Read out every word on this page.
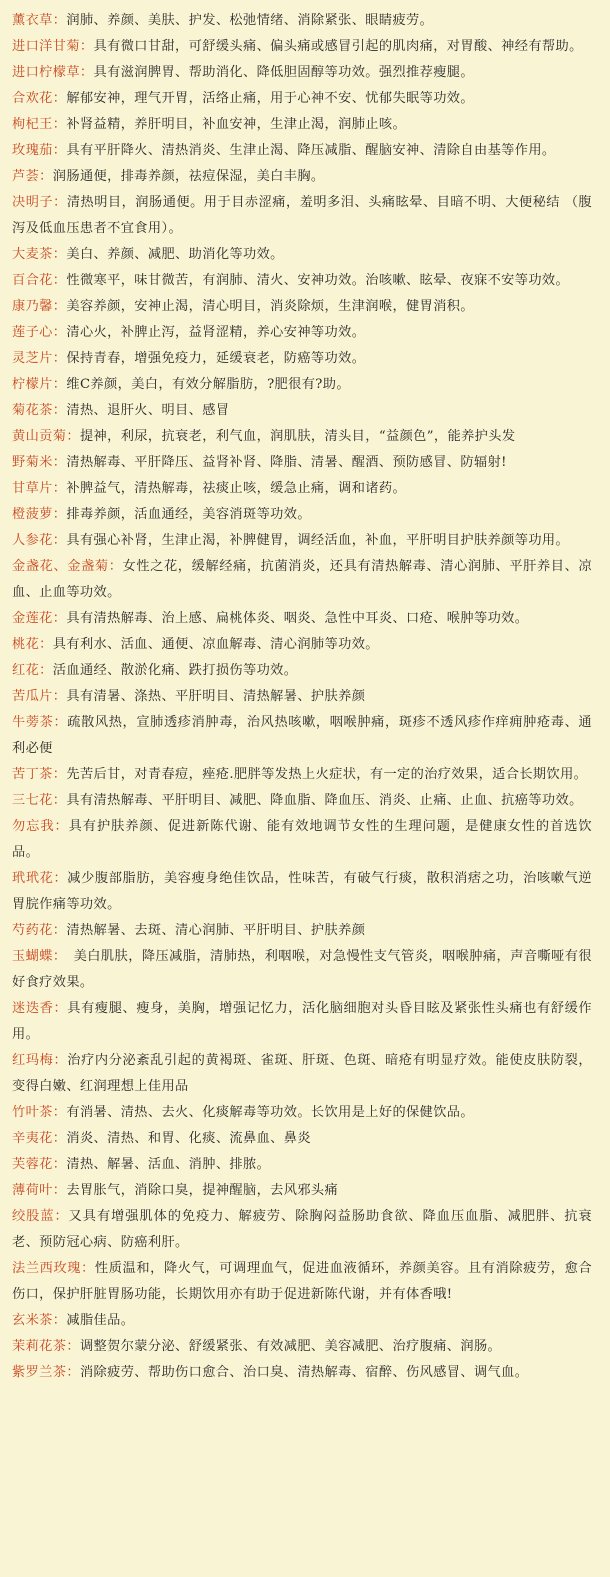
薰衣草：润肺、养颜、美肤、护发、松弛情绪、消除紧张、眼睛疲劳。

进口洋甘菊：具有微口甘甜，可舒缓头痛、偏头痛或感冒引起的肌肉痛，对胃酸、神经有帮助。

进口柠檬草：具有滋润脾胃、帮助消化、降低胆固醇等功效。强烈推荐瘦腿。

合欢花：解郁安神，理气开胃，活络止痛，用于心神不安、忧郁失眠等功效。

枸杞王：补肾益精，养肝明目，补血安神，生津止渴，润肺止咳。

玫瑰茄：具有平肝降火、清热消炎、生津止渴、降压减脂、醒脑安神、清除自由基等作用。

芦荟：润肠通便，排毒养颜，祛痘保湿，美白丰胸。

决明子：清热明目，润肠通便。用于目赤涩痛，羞明多泪、头痛眩晕、目暗不明、大便秘结 （腹泻及低血压患者不宜食用）。

大麦茶：美白、养颜、减肥、助消化等功效。

百合花：性微寒平，味甘微苦，有润肺、清火、安神功效。治咳嗽、眩晕、夜寐不安等功效。

康乃馨：美容养颜，安神止渴，清心明目，消炎除烦，生津润喉，健胃消积。

莲子心：清心火，补脾止泻，益肾涩精，养心安神等功效。

灵芝片：保持青春，增强免疫力，延缓衰老，防癌等功效。

柠檬片：维C养颜，美白，有效分解脂肪，?肥很有?助。

菊花茶：清热、退肝火、明目、感冒

黄山贡菊：提神，利尿，抗衰老，利气血，润肌肤，清头目，“益颜色”，能养护头发

野菊米：清热解毒、平肝降压、益肾补肾、降脂、清暑、醒酒、预防感冒、防辐射!

甘草片：补脾益气，清热解毒，祛痰止咳，缓急止痛，调和诸药。

橙菠萝：排毒养颜，活血通经，美容消斑等功效。

人参花：具有强心补肾，生津止渴，补脾健胃，调经活血，补血，平肝明目护肤养颜等功用。

金盏花、金盏菊：女性之花，缓解经痛，抗菌消炎，还具有清热解毒、清心润肺、平肝养目、凉血、止血等功效。

金莲花：具有清热解毒、治上感、扁桃体炎、咽炎、急性中耳炎、口疮、喉肿等功效。

桃花：具有利水、活血、通便、凉血解毒、清心润肺等功效。

红花：活血通经、散淤化痛、跌打损伤等功效。

苦瓜片：具有清暑、涤热、平肝明目、清热解暑、护肤养颜

牛蒡茶：疏散风热，宣肺透疹消肿毒，治风热咳嗽，咽喉肿痛，斑疹不透风疹作痒痈肿疮毒、通利必便

苦丁茶：先苦后甘，对青春痘，痤疮.肥胖等发热上火症状，有一定的治疗效果，适合长期饮用。

三七花：具有清热解毒、平肝明目、减肥、降血脂、降血压、消炎、止痛、止血、抗癌等功效。

勿忘我：具有护肤养颜、促进新陈代谢、能有效地调节女性的生理问题，是健康女性的首选饮品。

玳玳花：减少腹部脂肪，美容瘦身绝佳饮品，性味苦，有破气行痰，散积消痞之功，治咳嗽气逆胃脘作痛等功效。

芍药花：清热解暑、去斑、清心润肺、平肝明目、护肤养颜

玉蝴蝶：　美白肌肤，降压减脂，清肺热，利咽喉，对急慢性支气管炎，咽喉肿痛，声音嘶哑有很好食疗效果。

迷迭香：具有瘦腿、瘦身，美胸，增强记忆力，活化脑细胞对头昏目眩及紧张性头痛也有舒缓作用。

红玛梅：治疗内分泌紊乱引起的黄褐斑、雀斑、肝斑、色斑、暗疮有明显疗效。能使皮肤防裂，变得白嫩、红润理想上佳用品

竹叶茶：有消暑、清热、去火、化痰解毒等功效。长饮用是上好的保健饮品。

辛夷花：消炎、清热、和胃、化痰、流鼻血、鼻炎

芙蓉花：清热、解暑、活血、消肿、排脓。

薄荷叶：去胃胀气，消除口臭，提神醒脑，去风邪头痛

绞股蓝：又具有增强肌体的免疫力、解疲劳、除胸闷益肠助食欲、降血压血脂、减肥胖、抗衰老、预防冠心病、防癌利肝。

法兰西玫瑰：性质温和，降火气，可调理血气，促进血液循环，养颜美容。且有消除疲劳，愈合伤口，保护肝脏胃肠功能，长期饮用亦有助于促进新陈代谢，并有体香哦!

玄米茶：减脂佳品。

茉莉花茶：调整贺尔蒙分泌、舒缓紧张、有效减肥、美容减肥、治疗腹痛、润肠。

紫罗兰茶：消除疲劳、帮助伤口愈合、治口臭、清热解毒、宿醉、伤风感冒、调气血。
